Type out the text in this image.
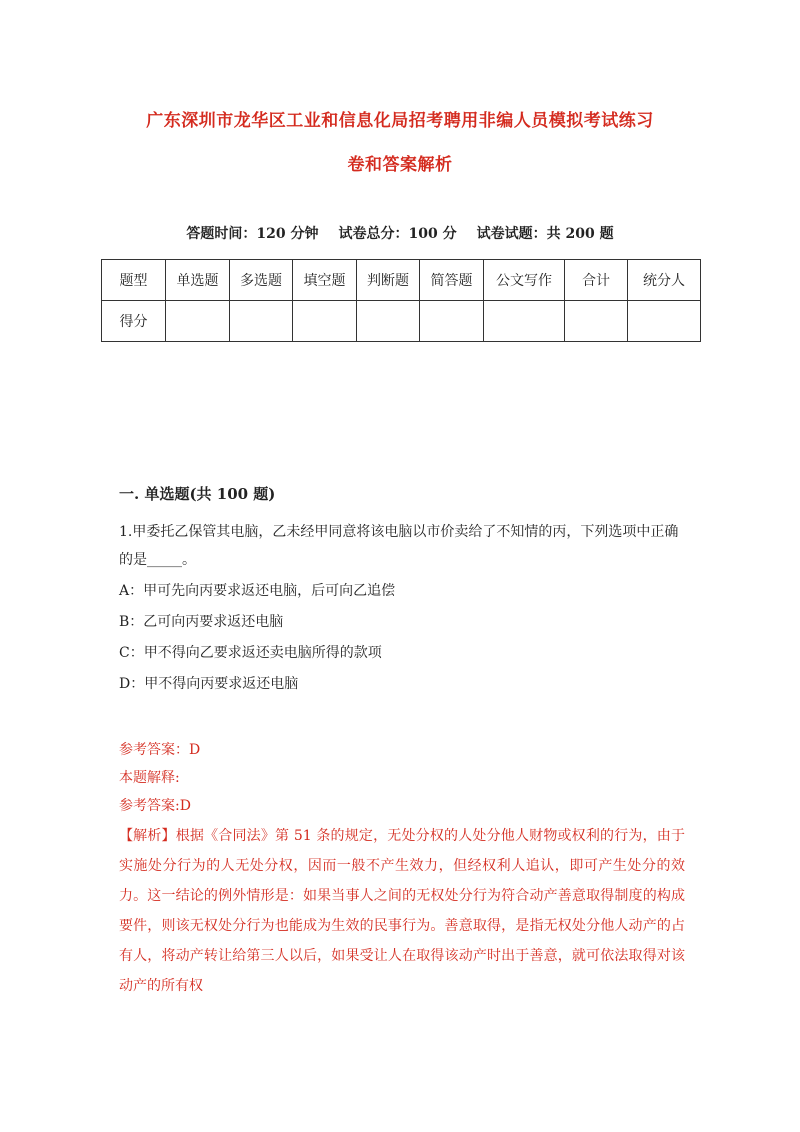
广东深圳市龙华区工业和信息化局招考聘用非编人员模拟考试练习
卷和答案解析
答题时间：120 分钟 试卷总分：100 分 试卷试题：共 200 题
题型	单选题	多选题	填空题	判断题	简答题	公文写作	合计	统分人
得分								
一. 单选题(共 100 题)
1.甲委托乙保管其电脑，乙未经甲同意将该电脑以市价卖给了不知情的丙，下列选项中正确的是_____。
A：甲可先向丙要求返还电脑，后可向乙追偿
B：乙可向丙要求返还电脑
C：甲不得向乙要求返还卖电脑所得的款项
D：甲不得向丙要求返还电脑
参考答案：D
本题解释:
参考答案:D
【解析】根据《合同法》第 51 条的规定，无处分权的人处分他人财物或权利的行为，由于实施处分行为的人无处分权，因而一般不产生效力，但经权利人追认，即可产生处分的效力。这一结论的例外情形是：如果当事人之间的无权处分行为符合动产善意取得制度的构成要件，则该无权处分行为也能成为生效的民事行为。善意取得，是指无权处分他人动产的占有人，将动产转让给第三人以后，如果受让人在取得该动产时出于善意，就可依法取得对该动产的所有权
